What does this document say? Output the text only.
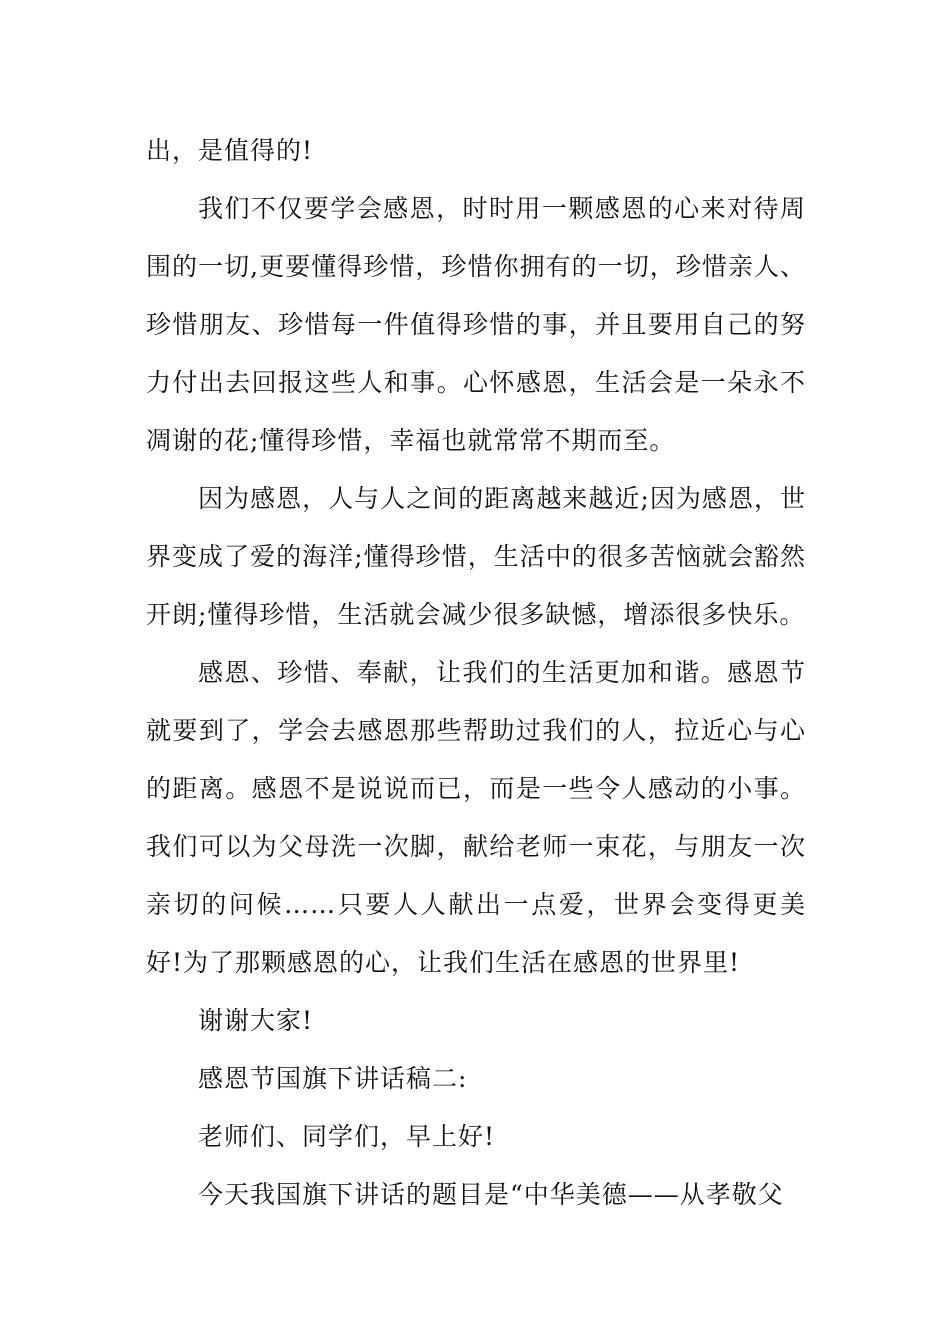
出，是值得的!

我们不仅要学会感恩，时时用一颗感恩的心来对待周围的一切,更要懂得珍惜，珍惜你拥有的一切，珍惜亲人、珍惜朋友、珍惜每一件值得珍惜的事，并且要用自己的努力付出去回报这些人和事。心怀感恩，生活会是一朵永不凋谢的花;懂得珍惜，幸福也就常常不期而至。

因为感恩，人与人之间的距离越来越近;因为感恩，世界变成了爱的海洋;懂得珍惜，生活中的很多苦恼就会豁然开朗;懂得珍惜，生活就会减少很多缺憾，增添很多快乐。

感恩、珍惜、奉献，让我们的生活更加和谐。感恩节就要到了，学会去感恩那些帮助过我们的人，拉近心与心的距离。感恩不是说说而已，而是一些令人感动的小事。我们可以为父母洗一次脚，献给老师一束花，与朋友一次亲切的问候……只要人人献出一点爱，世界会变得更美好!为了那颗感恩的心，让我们生活在感恩的世界里!

谢谢大家!

感恩节国旗下讲话稿二:

老师们、同学们，早上好!

今天我国旗下讲话的题目是“中华美德——从孝敬父
